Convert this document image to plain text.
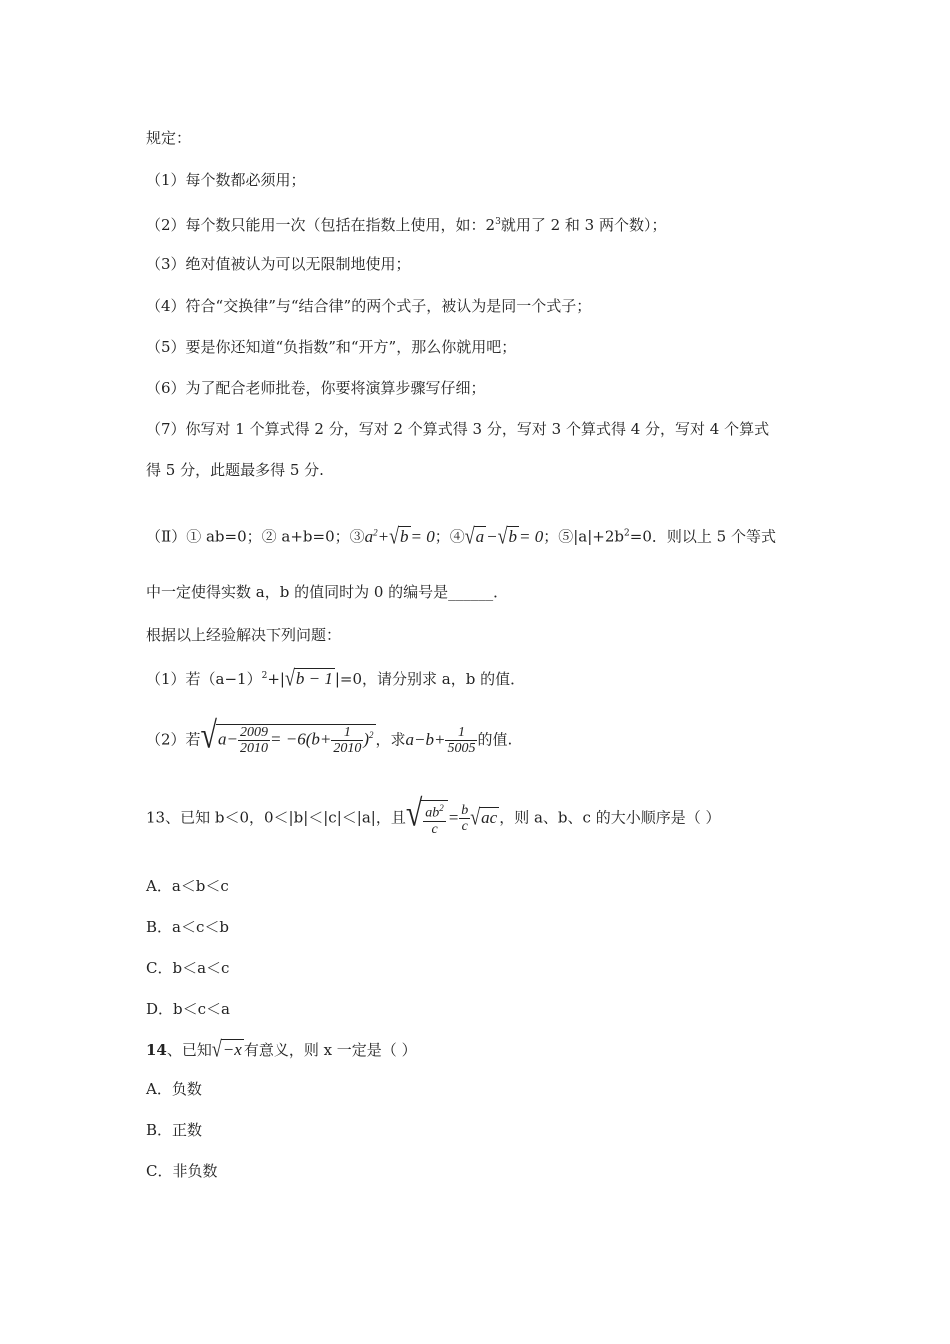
规定：
（1）每个数都必须用；
（2）每个数只能用一次（包括在指数上使用，如：$2^3$就用了 2 和 3 两个数）；
（3）绝对值被认为可以无限制地使用；
（4）符合“交换律”与“结合律”的两个式子，被认为是同一个式子；
（5）要是你还知道“负指数”和“开方”，那么你就用吧；
（6）为了配合老师批卷，你要将演算步骤写仔细；
（7）你写对 1 个算式得 2 分，写对 2 个算式得 3 分，写对 3 个算式得 4 分，写对 4 个算式
得 5 分，此题最多得 5 分.
（Ⅱ）① ab=0；② a+b=0；$③a^2+√b = 0$；④√a −√b = 0；$⑤|a|+2b^2=0$．则以上 5 个等式
中一定使得实数 a，b 的值同时为 0 的编号是______．
根据以上经验解决下列问题：
（1）若$(a-1)^2+|√b - 1$ |=0，请分别求 a，b 的值．
（2）若$√a- \frac{2009}{2010} = -6(b+ \frac{1}{2010} )^2$ ，求$a-b+ \frac{1}{5005}$ 的值.
13、已知 b＜0，0＜|b|＜|c|＜|a|，且√ $\frac{ab^2}{c} = \frac{b}{c} √ac$ ，则 a、b、c 的大小顺序是（ ）
A．a＜b＜c
B．a＜c＜b
C．b＜a＜c
D．b＜c＜a
14、已知√−x 有意义，则 x 一定是（ ）
A．负数
B．正数
C．非负数
